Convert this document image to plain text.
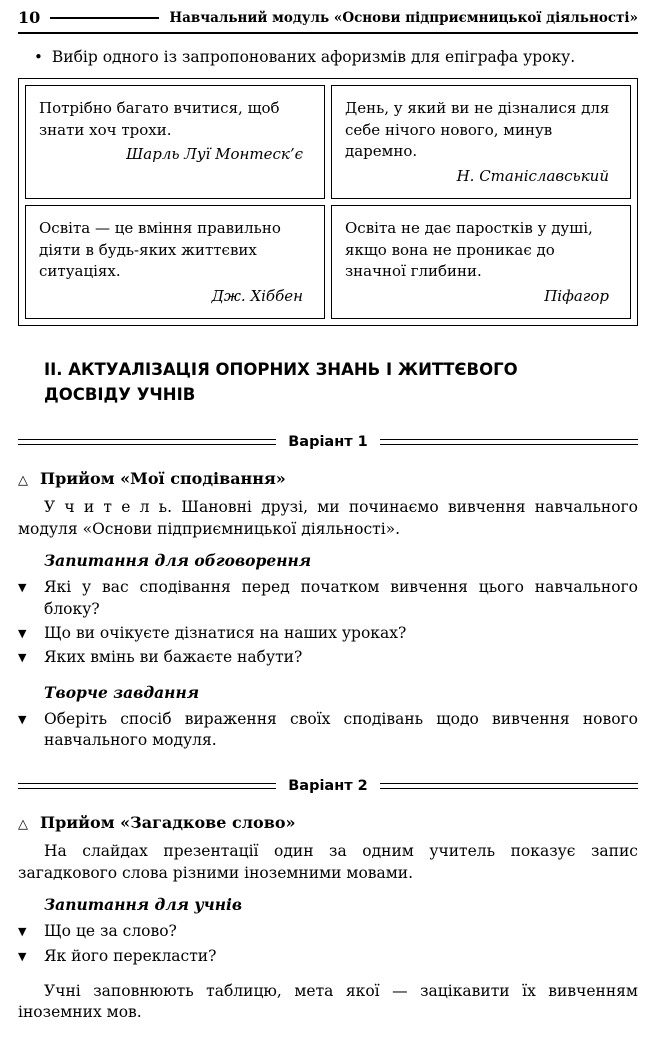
10	Навчальний модуль «Основи підприємницької діяльності»
• Вибір одного із запропонованих афоризмів для епіграфа уроку.
Потрібно багато вчитися, щоб знати хоч трохи.
Шарль Луї Монтеск’є
День, у який ви не дізналися для себе нічого нового, минув даремно.
Н. Станіславський
Освіта — це вміння правильно діяти в будь-яких життєвих ситуаціях.
Дж. Хіббен
Освіта не дає паростків у душі, якщо вона не проникає до значної глибини.
Піфагор
ІІ. АКТУАЛІЗАЦІЯ ОПОРНИХ ЗНАНЬ І ЖИТТЄВОГО ДОСВІДУ УЧНІВ
Варіант 1
△ Прийом «Мої сподівання»

У ч и т е л ь. Шановні друзі, ми починаємо вивчення навчального модуля «Основи підприємницької діяльності».

Запитання для обговорення
▼	Які у вас сподівання перед початком вивчення цього навчального блоку?
▼	Що ви очікуєте дізнатися на наших уроках?
▼	Яких вмінь ви бажаєте набути?
Творче завдання
▼	Оберіть спосіб вираження своїх сподівань щодо вивчення нового навчального модуля.
Варіант 2
△ Прийом «Загадкове слово»

На слайдах презентації один за одним учитель показує запис загадкового слова різними іноземними мовами.

Запитання для учнів
▼	Що це за слово?
▼	Як його перекласти?

Учні заповнюють таблицю, мета якої — зацікавити їх вивченням іноземних мов.
